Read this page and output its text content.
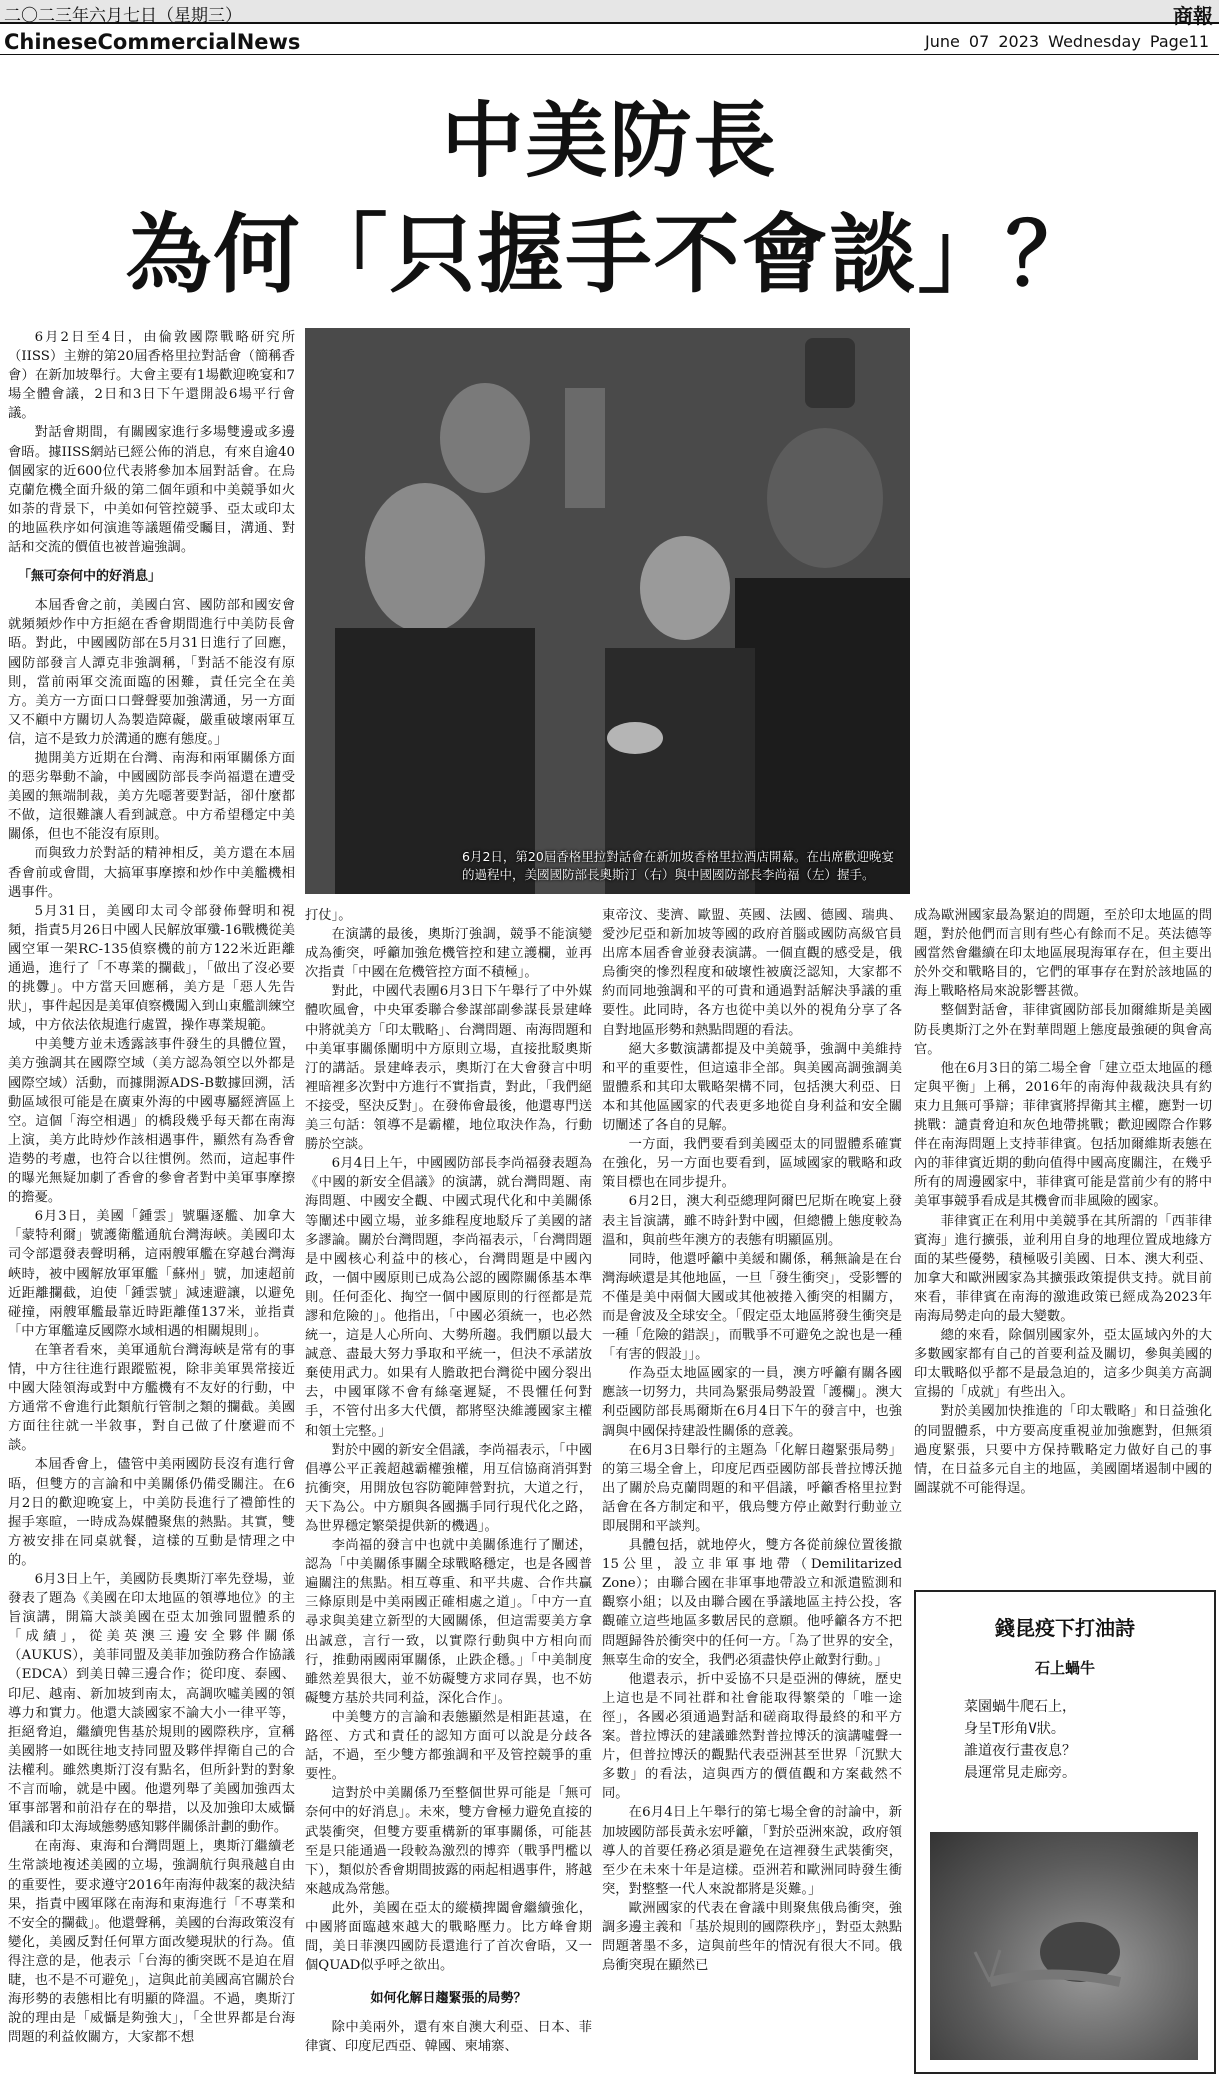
二〇二三年六月七日（星期三）	商報
ChineseCommercialNews	June 07 2023 Wednesday Page11
中美防長
為何「只握手不會談」？

6月2日至4日，由倫敦國際戰略研究所（IISS）主辦的第20屆香格里拉對話會（簡稱香會）在新加坡舉行。大會主要有1場歡迎晚宴和7場全體會議，2日和3日下午還開設6場平行會議。

對話會期間，有關國家進行多場雙邊或多邊會晤。據IISS網站已經公佈的消息，有來自逾40個國家的近600位代表將參加本屆對話會。在烏克蘭危機全面升級的第二個年頭和中美競爭如火如荼的背景下，中美如何管控競爭、亞太或印太的地區秩序如何演進等議題備受矚目，溝通、對話和交流的價值也被普遍強調。

「無可奈何中的好消息」

本屆香會之前，美國白宮、國防部和國安會就頻頻炒作中方拒絕在香會期間進行中美防長會晤。對此，中國國防部在5月31日進行了回應，國防部發言人譚克非強調稱，「對話不能沒有原則，當前兩軍交流面臨的困難，責任完全在美方。美方一方面口口聲聲要加強溝通，另一方面又不顧中方關切人為製造障礙，嚴重破壞兩軍互信，這不是致力於溝通的應有態度。」

拋開美方近期在台灣、南海和兩軍關係方面的惡劣舉動不論，中國國防部長李尚福還在遭受美國的無端制裁，美方先噁著要對話，卻什麼都不做，這很難讓人看到誠意。中方希望穩定中美關係，但也不能沒有原則。

而與致力於對話的精神相反，美方還在本屆香會前或會間，大搞軍事摩擦和炒作中美艦機相遇事件。

5月31日，美國印太司令部發佈聲明和視頻，指責5月26日中國人民解放軍殲-16戰機從美國空軍一架RC-135偵察機的前方122米近距離通過，進行了「不專業的攔截」，「做出了沒必要的挑釁」。中方當天回應稱，美方是「惡人先告狀」，事件起因是美軍偵察機闖入到山東艦訓練空域，中方依法依規進行處置，操作專業規範。

中美雙方並未透露該事件發生的具體位置，美方強調其在國際空域（美方認為領空以外都是國際空域）活動，而據開源ADS-B數據回溯，活動區域很可能是在廣東外海的中國專屬經濟區上空。這個「海空相遇」的橋段幾乎每天都在南海上演，美方此時炒作該相遇事件，顯然有為香會造勢的考慮，也符合以往慣例。然而，這起事件的曝光無疑加劇了香會的參會者對中美軍事摩擦的擔憂。

6月3日，美國「鍾雲」號驅逐艦、加拿大「蒙特利爾」號護衛艦通航台灣海峽。美國印太司令部還發表聲明稱，這兩艘軍艦在穿越台灣海峽時，被中國解放軍軍艦「蘇州」號，加速超前近距離攔截，迫使「鍾雲號」減速避讓，以避免碰撞，兩艘軍艦最靠近時距離僅137米，並指責「中方軍艦違反國際水域相遇的相關規則」。

在筆者看來，美軍通航台灣海峽是常有的事情，中方往往進行跟蹤監視，除非美軍異常接近中國大陸領海或對中方艦機有不友好的行動，中方通常不會進行此類航行管制之類的攔截。美國方面往往就一半敘事，對自己做了什麼避而不談。

本屆香會上，儘管中美兩國防長沒有進行會晤，但雙方的言論和中美關係仍備受關注。在6月2日的歡迎晚宴上，中美防長進行了禮節性的握手寒暄，一時成為媒體聚焦的熱點。其實，雙方被安排在同桌就餐，這樣的互動是情理之中的。

6月3日上午，美國防長奧斯汀率先登場，並發表了題為《美國在印太地區的領導地位》的主旨演講，開篇大談美國在亞太加強同盟體系的「成績」，從美英澳三邊安全夥伴關係（AUKUS），美菲同盟及美菲加強防務合作協議（EDCA）到美日韓三邊合作；從印度、泰國、印尼、越南、新加坡到南太，高調吹噓美國的領導力和實力。他還大談國家不論大小一律平等，拒絕脅迫，繼續兜售基於規則的國際秩序，宣稱美國將一如既往地支持同盟及夥伴捍衛自己的合法權利。雖然奧斯汀沒有點名，但所針對的對象不言而喻，就是中國。他還列舉了美國加強西太軍事部署和前沿存在的舉措，以及加強印太威懾倡議和印太海域態勢感知夥伴關係計劃的動作。

在南海、東海和台灣問題上，奧斯汀繼續老生常談地複述美國的立場，強調航行與飛越自由的重要性，要求遵守2016年南海仲裁案的裁決結果，指責中國軍隊在南海和東海進行「不專業和不安全的攔截」。他還聲稱，美國的台海政策沒有變化，美國反對任何單方面改變現狀的行為。值得注意的是，他表示「台海的衝突既不是迫在眉睫，也不是不可避免」，這與此前美國高官關於台海形勢的表態相比有明顯的降溫。不過，奧斯汀說的理由是「威懾是夠強大」，「全世界都是台海問題的利益攸關方，大家都不想

打仗」。

在演講的最後，奧斯汀強調，競爭不能演變成為衝突，呼籲加強危機管控和建立護欄，並再次指責「中國在危機管控方面不積極」。

對此，中國代表團6月3日下午舉行了中外媒體吹風會，中央軍委聯合參謀部副參謀長景建峰中將就美方「印太戰略」、台灣問題、南海問題和中美軍事關係闡明中方原則立場，直接批駁奧斯汀的講話。景建峰表示，奧斯汀在大會發言中明裡暗裡多次對中方進行不實指責，對此，「我們絕不接受，堅決反對」。在發佈會最後，他還專門送美三句話：領導不是霸權，地位取決作為，行動勝於空談。

6月4日上午，中國國防部長李尚福發表題為《中國的新安全倡議》的演講，就台灣問題、南海問題、中國安全觀、中國式現代化和中美關係等闡述中國立場，並多維程度地駁斥了美國的諸多謬論。關於台灣問題，李尚福表示，「台灣問題是中國核心利益中的核心，台灣問題是中國內政，一個中國原則已成為公認的國際關係基本準則。任何歪化、掏空一個中國原則的行徑都是荒謬和危險的」。他指出，「中國必須統一，也必然統一，這是人心所向、大勢所趨。我們願以最大誠意、盡最大努力爭取和平統一，但決不承諾放棄使用武力。如果有人膽敢把台灣從中國分裂出去，中國軍隊不會有絲毫遲疑，不畏懼任何對手，不管付出多大代價，都將堅決維護國家主權和領土完整。」

對於中國的新安全倡議，李尚福表示，「中國倡導公平正義超越霸權強權，用互信協商消弭對抗衝突，用開放包容防範陣營對抗，大道之行，天下為公。中方願與各國攜手同行現代化之路，為世界穩定繁榮提供新的機遇」。

李尚福的發言中也就中美關係進行了闡述，認為「中美關係事關全球戰略穩定，也是各國普遍關注的焦點。相互尊重、和平共處、合作共贏三條原則是中美兩國正確相處之道」。「中方一直尋求與美建立新型的大國關係，但這需要美方拿出誠意，言行一致，以實際行動與中方相向而行，推動兩國兩軍關係，止跌企穩。」「中美制度雖然差異很大，並不妨礙雙方求同存異，也不妨礙雙方基於共同利益，深化合作」。

中美雙方的言論和表態顯然是相距甚遠，在路徑、方式和責任的認知方面可以說是分歧各話，不過，至少雙方都強調和平及管控競爭的重要性。

這對於中美關係乃至整個世界可能是「無可奈何中的好消息」。未來，雙方會極力避免直接的武裝衝突，但雙方要重構新的軍事關係，可能甚至是只能通過一段較為激烈的博弈（戰爭門檻以下），類似於香會期間披露的兩起相遇事件，將越來越成為常態。

此外，美國在亞太的縱橫捭闔會繼續強化，中國將面臨越來越大的戰略壓力。比方峰會期間，美日菲澳四國防長還進行了首次會晤，又一個QUAD似乎呼之欲出。

如何化解日趨緊張的局勢？

除中美兩外，還有來自澳大利亞、日本、菲律賓、印度尼西亞、韓國、柬埔寨、

東帝汶、斐濟、歐盟、英國、法國、德國、瑞典、愛沙尼亞和新加坡等國的政府首腦或國防高級官員出席本屆香會並發表演講。一個直觀的感受是，俄烏衝突的慘烈程度和破壞性被廣泛認知，大家都不約而同地強調和平的可貴和通過對話解決爭議的重要性。此同時，各方也從中美以外的視角分享了各自對地區形勢和熱點問題的看法。

絕大多數演講都提及中美競爭，強調中美維持和平的重要性，但這遠非全部。與美國高調強調美盟體系和其印太戰略架構不同，包括澳大利亞、日本和其他區國家的代表更多地從自身利益和安全關切闡述了各自的見解。

一方面，我們要看到美國亞太的同盟體系確實在強化，另一方面也要看到，區域國家的戰略和政策目標也在同步提升。

6月2日，澳大利亞總理阿爾巴尼斯在晚宴上發表主旨演講，雖不時針對中國，但總體上態度較為溫和，與前些年澳方的表態有明顯區別。

同時，他還呼籲中美緩和關係，稱無論是在台灣海峽還是其他地區，一旦「發生衝突」，受影響的不僅是美中兩個大國或其他被捲入衝突的相關方，而是會波及全球安全。「假定亞太地區將發生衝突是一種「危險的錯誤」，而戰爭不可避免之說也是一種「有害的假設」」。

作為亞太地區國家的一員，澳方呼籲有關各國應該一切努力，共同為緊張局勢設置「護欄」。澳大利亞國防部長馬爾斯在6月4日下午的發言中，也強調與中國保持建設性關係的意義。

在6月3日舉行的主題為「化解日趨緊張局勢」的第三場全會上，印度尼西亞國防部長普拉博沃抛出了關於烏克蘭問題的和平倡議，呼籲香格里拉對話會在各方制定和平，俄烏雙方停止敵對行動並立即展開和平談判。

具體包括，就地停火，雙方各從前線位置後撤15公里，設立非軍事地帶（Demilitarized Zone）；由聯合國在非軍事地帶設立和派遣監測和觀察小組；以及由聯合國在爭議地區主持公投，客觀確立這些地區多數居民的意願。他呼籲各方不把問題歸咎於衝突中的任何一方。「為了世界的安全，無辜生命的安全，我們必須盡快停止敵對行動。」

他還表示，折中妥協不只是亞洲的傳統，歷史上這也是不同社群和社會能取得繁榮的「唯一途徑」，各國必須通過對話和磋商取得最終的和平方案。普拉博沃的建議雖然對普拉博沃的演講噓聲一片，但普拉博沃的觀點代表亞洲甚至世界「沉默大多數」的看法，這與西方的價值觀和方案截然不同。

在6月4日上午舉行的第七場全會的討論中，新加坡國防部長黃永宏呼籲，「對於亞洲來說，政府領導人的首要任務必須是避免在這裡發生武裝衝突，至少在未來十年是這樣。亞洲若和歐洲同時發生衝突，對整整一代人來說都將是災難。」

歐洲國家的代表在會議中則聚焦俄烏衝突，強調多邊主義和「基於規則的國際秩序」，對亞太熱點問題著墨不多，這與前些年的情況有很大不同。俄烏衝突現在顯然已

成為歐洲國家最為緊迫的問題，至於印太地區的問題，對於他們而言則有些心有餘而不足。英法德等國當然會繼續在印太地區展現海軍存在，但主要出於外交和戰略目的，它們的軍事存在對於該地區的海上戰略格局來說影響甚微。

整個對話會，菲律賓國防部長加爾維斯是美國防長奧斯汀之外在對華問題上態度最強硬的與會高官。

他在6月3日的第二場全會「建立亞太地區的穩定與平衡」上稱，2016年的南海仲裁裁決具有約束力且無可爭辯；菲律賓將捍衛其主權，應對一切挑戰：譴責脅迫和灰色地帶挑戰；歡迎國際合作夥伴在南海問題上支持菲律賓。包括加爾維斯表態在內的菲律賓近期的動向值得中國高度關注，在幾乎所有的周邊國家中，菲律賓可能是當前少有的將中美軍事競爭看成是其機會而非風險的國家。

菲律賓正在利用中美競爭在其所謂的「西菲律賓海」進行擴張，並利用自身的地理位置成地緣方面的某些優勢，積極吸引美國、日本、澳大利亞、加拿大和歐洲國家為其擴張政策提供支持。就目前來看，菲律賓在南海的激進政策已經成為2023年南海局勢走向的最大變數。

總的來看，除個別國家外，亞太區域內外的大多數國家都有自己的首要利益及關切，參與美國的印太戰略似乎都不是最急迫的，這多少與美方高調宣揚的「成就」有些出入。

對於美國加快推進的「印太戰略」和日益強化的同盟體系，中方要高度重視並加強應對，但無須過度緊張，只要中方保持戰略定力做好自己的事情，在日益多元自主的地區，美國圍堵遏制中國的圖謀就不可能得逞。

6月2日，第20屆香格里拉對話會在新加坡香格里拉酒店開幕。在出席歡迎晚宴的過程中，美國國防部長奧斯汀（右）與中國國防部長李尚福（左）握手。
錢昆疫下打油詩
石上蝸牛
菜園蝸牛爬石上，
身呈T形角V狀。
誰道夜行畫夜息？
晨運常見走廊旁。
